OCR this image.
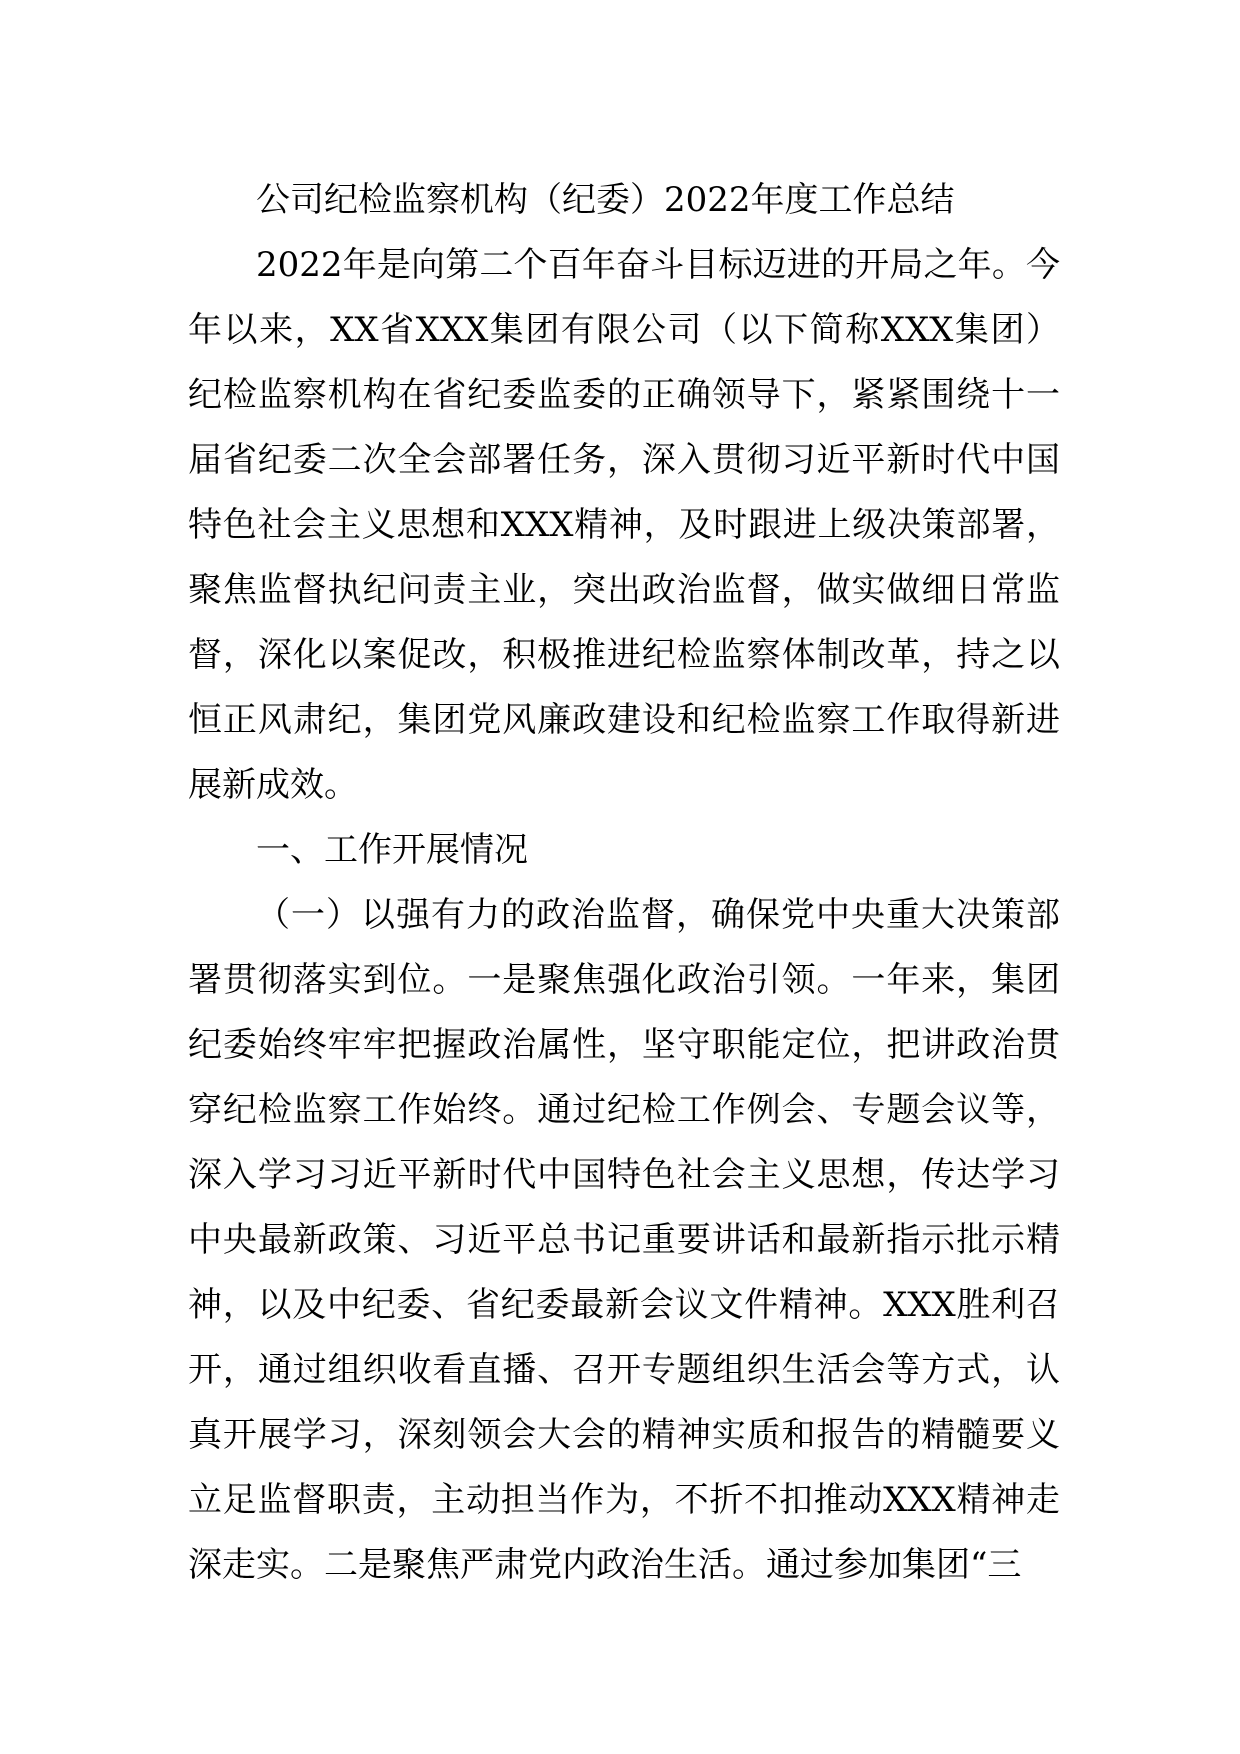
公司纪检监察机构（纪委）2022年度工作总结

2022年是向第二个百年奋斗目标迈进的开局之年。今年以来，XX省XXX集团有限公司（以下简称XXX集团）纪检监察机构在省纪委监委的正确领导下，紧紧围绕十一届省纪委二次全会部署任务，深入贯彻习近平新时代中国特色社会主义思想和XXX精神，及时跟进上级决策部署，聚焦监督执纪问责主业，突出政治监督，做实做细日常监督，深化以案促改，积极推进纪检监察体制改革，持之以恒正风肃纪，集团党风廉政建设和纪检监察工作取得新进展新成效。

一、工作开展情况

（一）以强有力的政治监督，确保党中央重大决策部署贯彻落实到位。一是聚焦强化政治引领。一年来，集团纪委始终牢牢把握政治属性，坚守职能定位，把讲政治贯穿纪检监察工作始终。通过纪检工作例会、专题会议等，深入学习习近平新时代中国特色社会主义思想，传达学习中央最新政策、习近平总书记重要讲话和最新指示批示精神，以及中纪委、省纪委最新会议文件精神。XXX胜利召开，通过组织收看直播、召开专题组织生活会等方式，认真开展学习，深刻领会大会的精神实质和报告的精髓要义立足监督职责，主动担当作为，不折不扣推动XXX精神走深走实。二是聚焦严肃党内政治生活。通过参加集团“三
